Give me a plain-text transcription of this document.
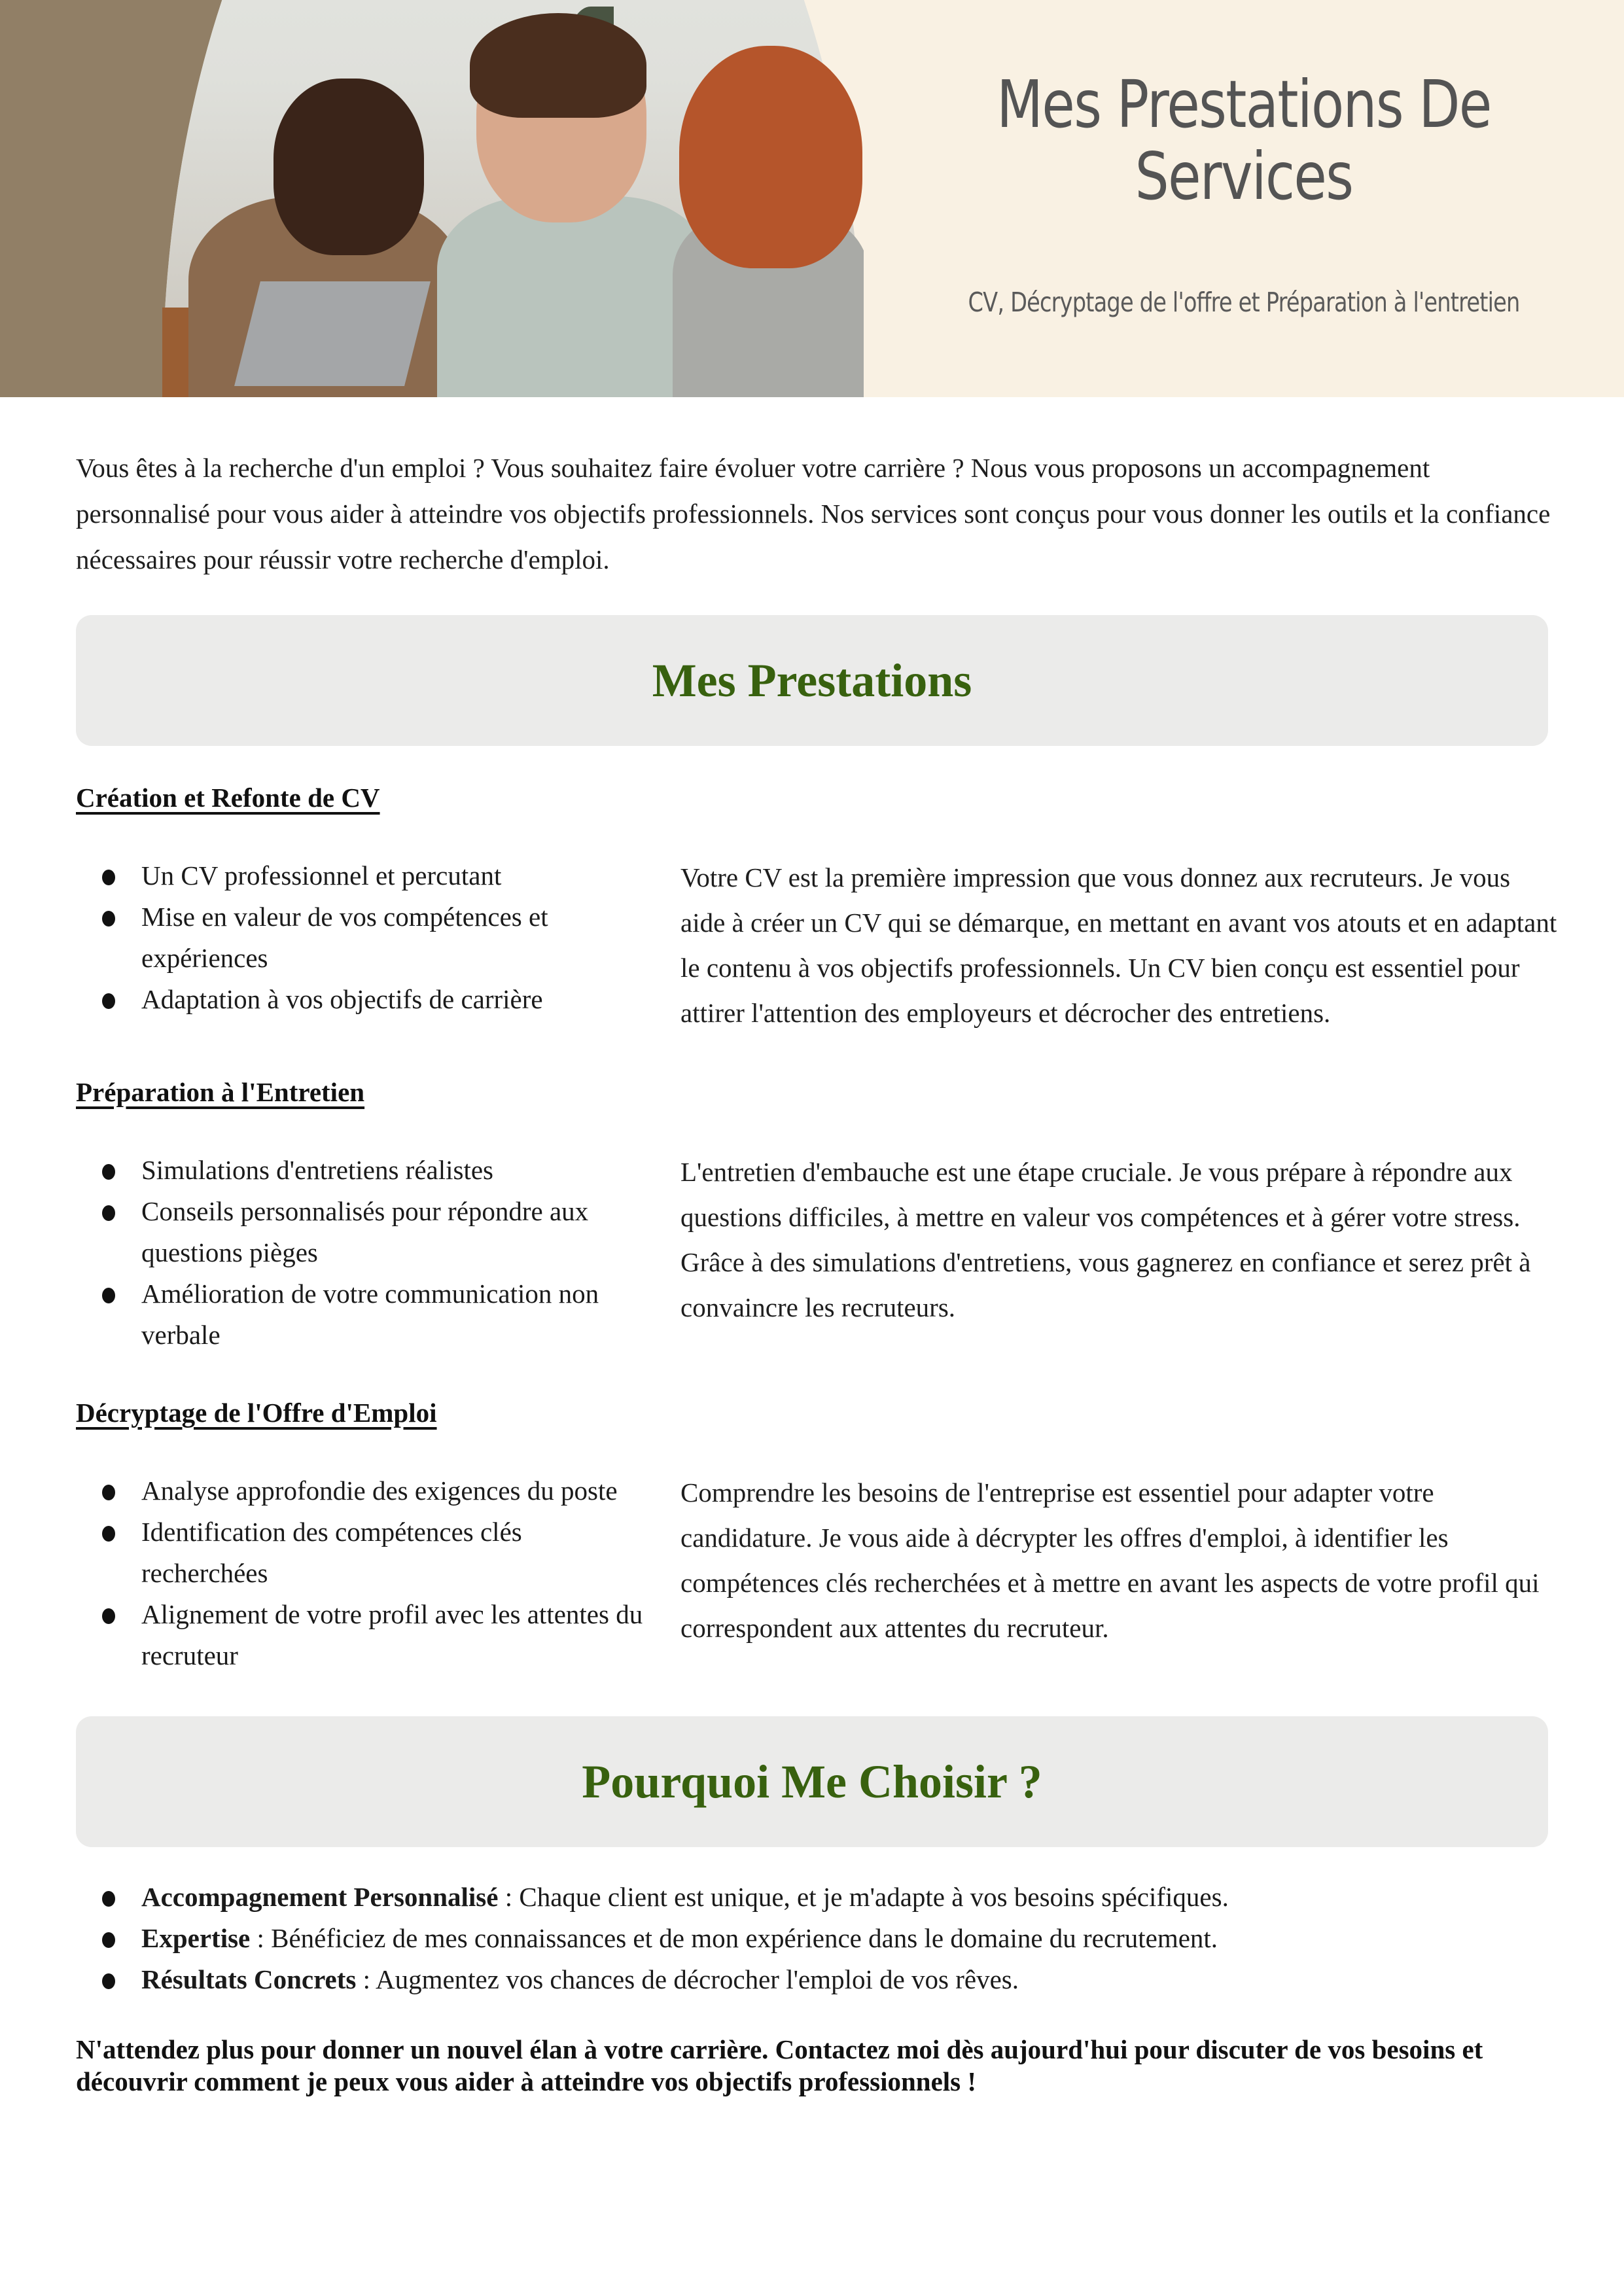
Mes Prestations De
Services
CV, Décryptage de l'offre et Préparation à l'entretien
Vous êtes à la recherche d'un emploi ? Vous souhaitez faire évoluer votre carrière ? Nous vous proposons un accompagnement personnalisé pour vous aider à atteindre vos objectifs professionnels. Nos services sont conçus pour vous donner les outils et la confiance nécessaires pour réussir votre recherche d'emploi.
Mes Prestations
Création et Refonte de CV
Un CV professionnel et percutant
Mise en valeur de vos compétences et expériences
Adaptation à vos objectifs de carrière
Votre CV est la première impression que vous donnez aux recruteurs. Je vous aide à créer un CV qui se démarque, en mettant en avant vos atouts et en adaptant le contenu à vos objectifs professionnels. Un CV bien conçu est essentiel pour attirer l'attention des employeurs et décrocher des entretiens.
Préparation à l'Entretien
Simulations d'entretiens réalistes
Conseils personnalisés pour répondre aux questions pièges
Amélioration de votre communication non verbale
L'entretien d'embauche est une étape cruciale. Je vous prépare à répondre aux questions difficiles, à mettre en valeur vos compétences et à gérer votre stress. Grâce à des simulations d'entretiens, vous gagnerez en confiance et serez prêt à convaincre les recruteurs.
Décryptage de l'Offre d'Emploi
Analyse approfondie des exigences du poste
Identification des compétences clés recherchées
Alignement de votre profil avec les attentes du recruteur
Comprendre les besoins de l'entreprise est essentiel pour adapter votre candidature. Je vous aide à décrypter les offres d'emploi, à identifier les compétences clés recherchées et à mettre en avant les aspects de votre profil qui correspondent aux attentes du recruteur.
Pourquoi Me Choisir ?
Accompagnement Personnalisé : Chaque client est unique, et je m'adapte à vos besoins spécifiques.
Expertise : Bénéficiez de mes connaissances et de mon expérience dans le domaine du recrutement.
Résultats Concrets : Augmentez vos chances de décrocher l'emploi de vos rêves.
N'attendez plus pour donner un nouvel élan à votre carrière. Contactez moi dès aujourd'hui pour discuter de vos besoins et découvrir comment je peux vous aider à atteindre vos objectifs professionnels !
